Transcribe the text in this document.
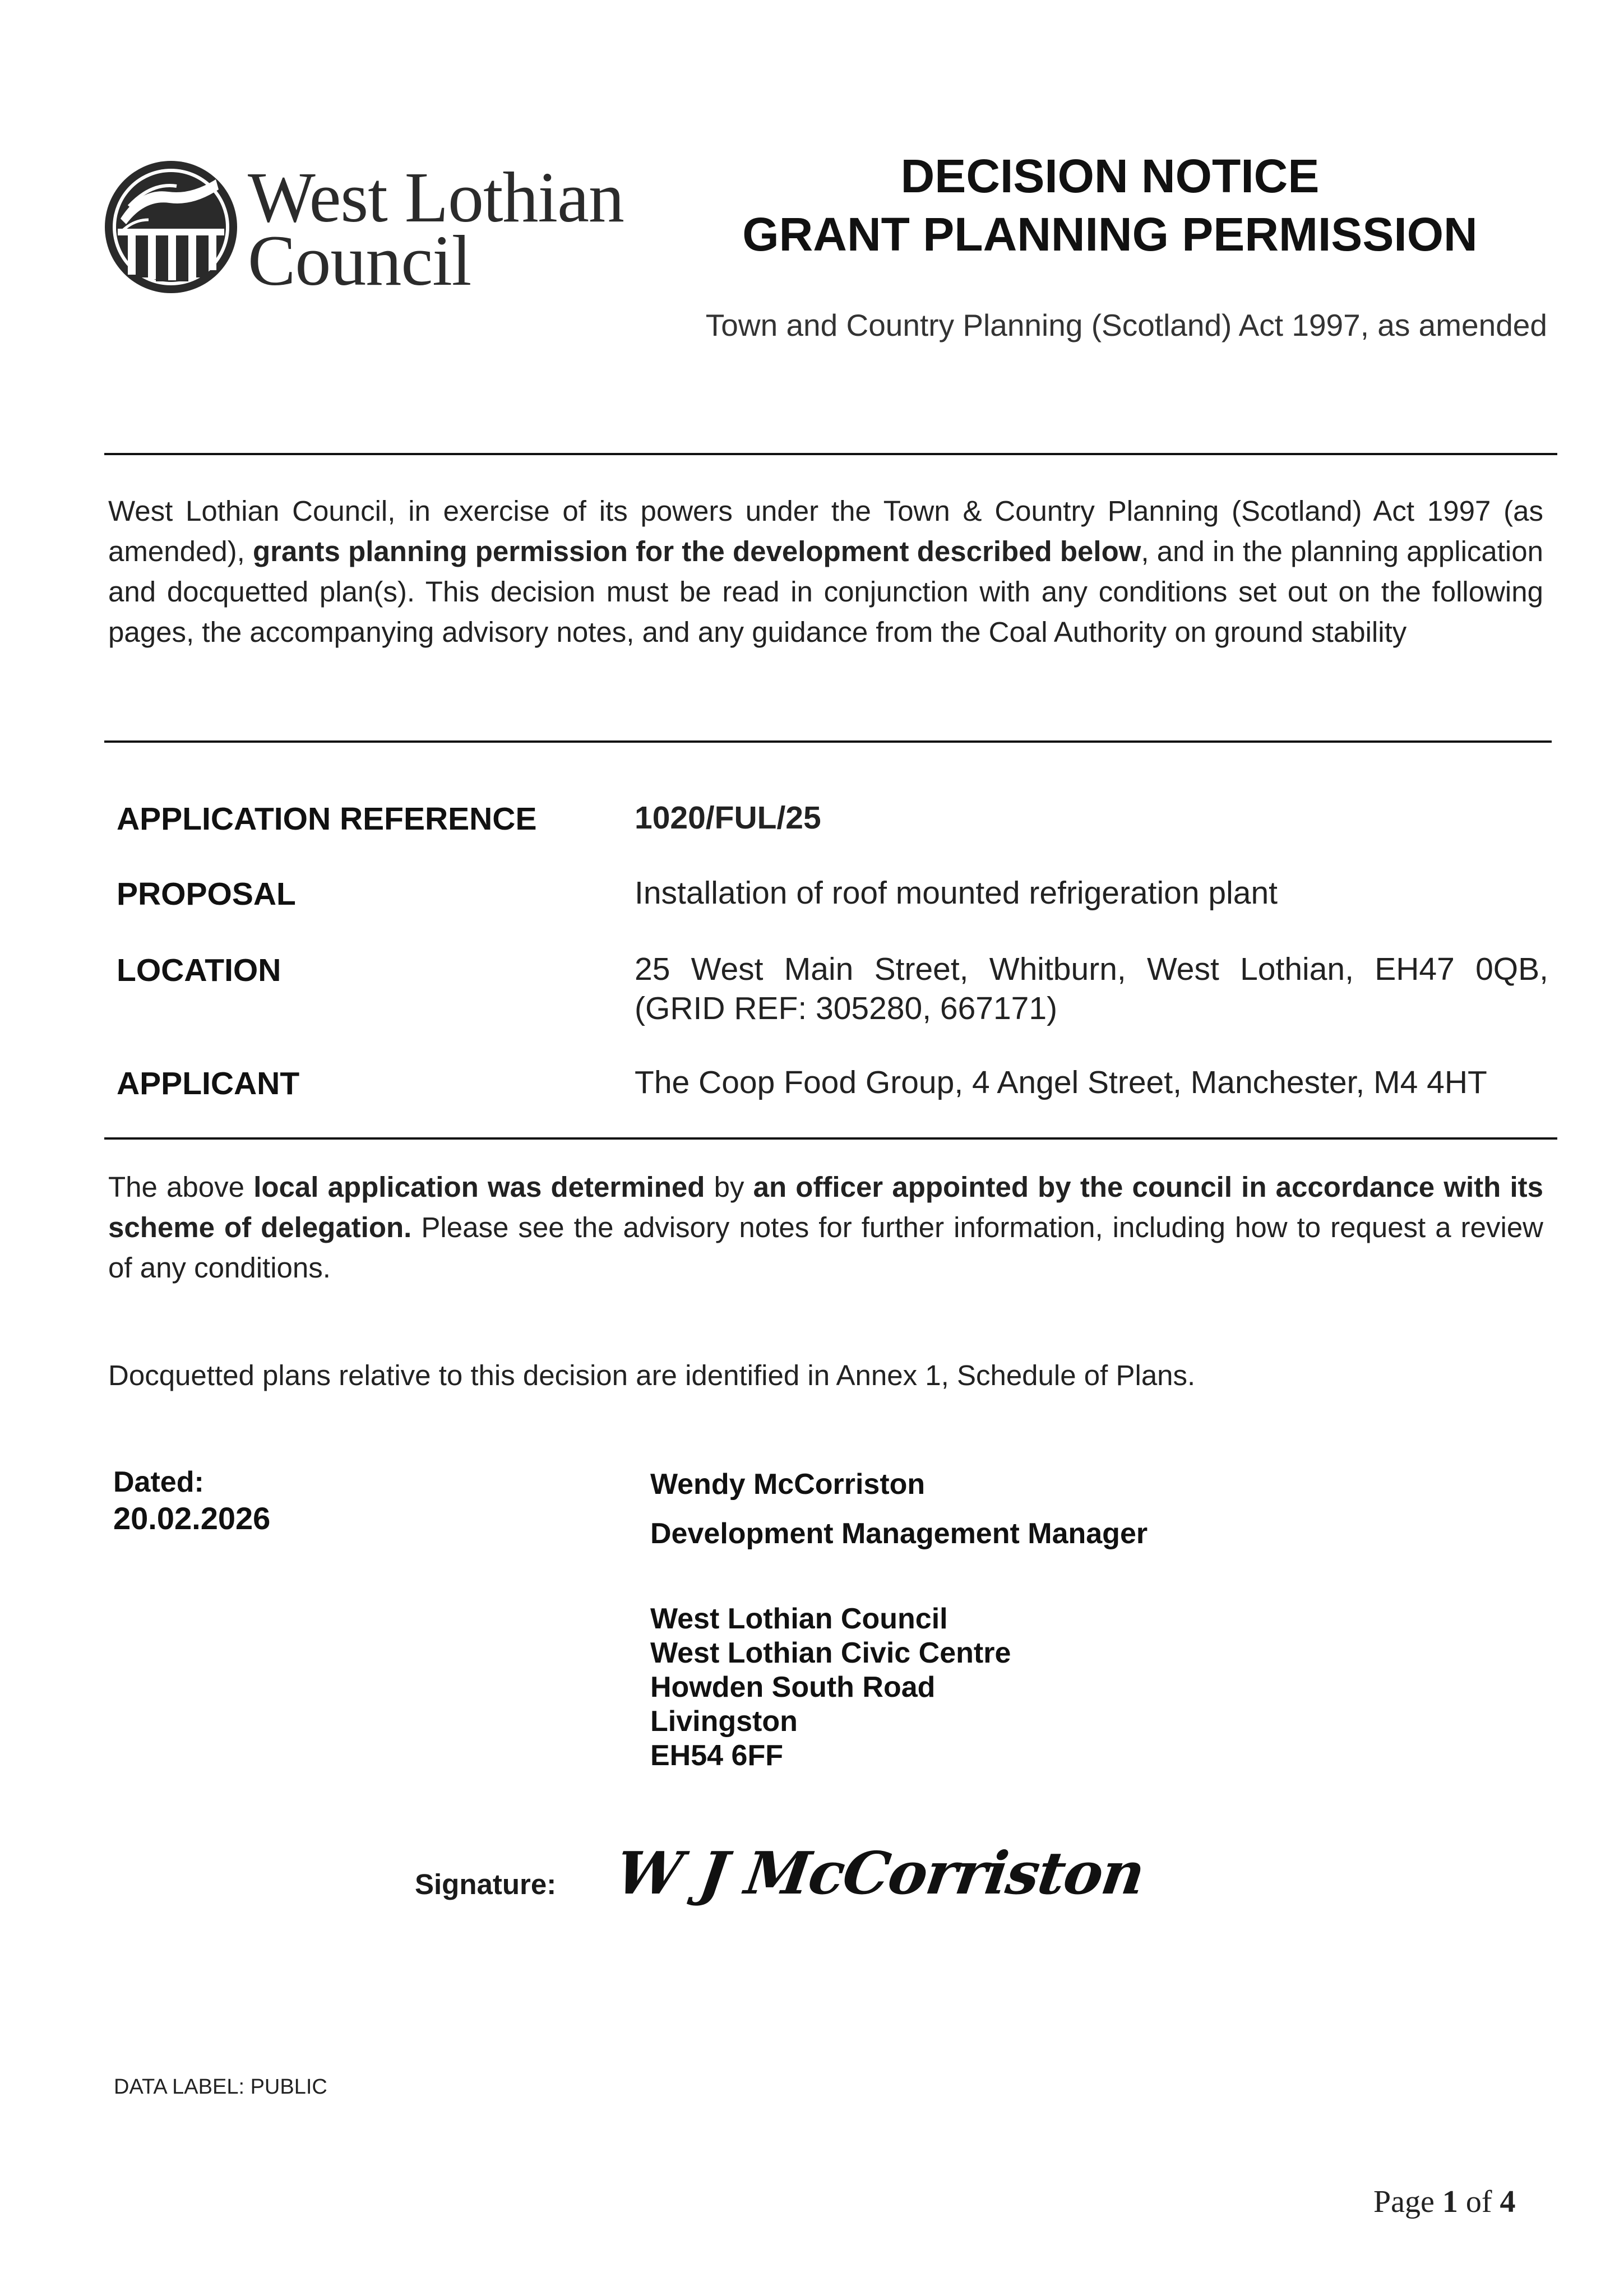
West Lothian
Council
DECISION NOTICE
GRANT PLANNING PERMISSION
Town and Country Planning (Scotland) Act 1997, as amended
West Lothian Council, in exercise of its powers under the Town & Country Planning (Scotland) Act 1997 (as amended), grants planning permission for the development described below, and in the planning application and docquetted plan(s). This decision must be read in conjunction with any conditions set out on the following pages, the accompanying advisory notes, and any guidance from the Coal Authority on ground stability
APPLICATION REFERENCE	1020/FUL/25
PROPOSAL	Installation of roof mounted refrigeration plant
LOCATION	25 West Main Street, Whitburn, West Lothian, EH47 0QB,
(GRID REF: 305280, 667171)
APPLICANT	The Coop Food Group, 4 Angel Street, Manchester, M4 4HT
The above local application was determined by an officer appointed by the council in accordance with its scheme of delegation. Please see the advisory notes for further information, including how to request a review of any conditions.
Docquetted plans relative to this decision are identified in Annex 1, Schedule of Plans.
Dated:
20.02.2026
Wendy McCorriston
Development Management Manager
West Lothian Council
West Lothian Civic Centre
Howden South Road
Livingston
EH54 6FF
Signature: W J McCorriston
DATA LABEL: PUBLIC
Page 1 of 4
